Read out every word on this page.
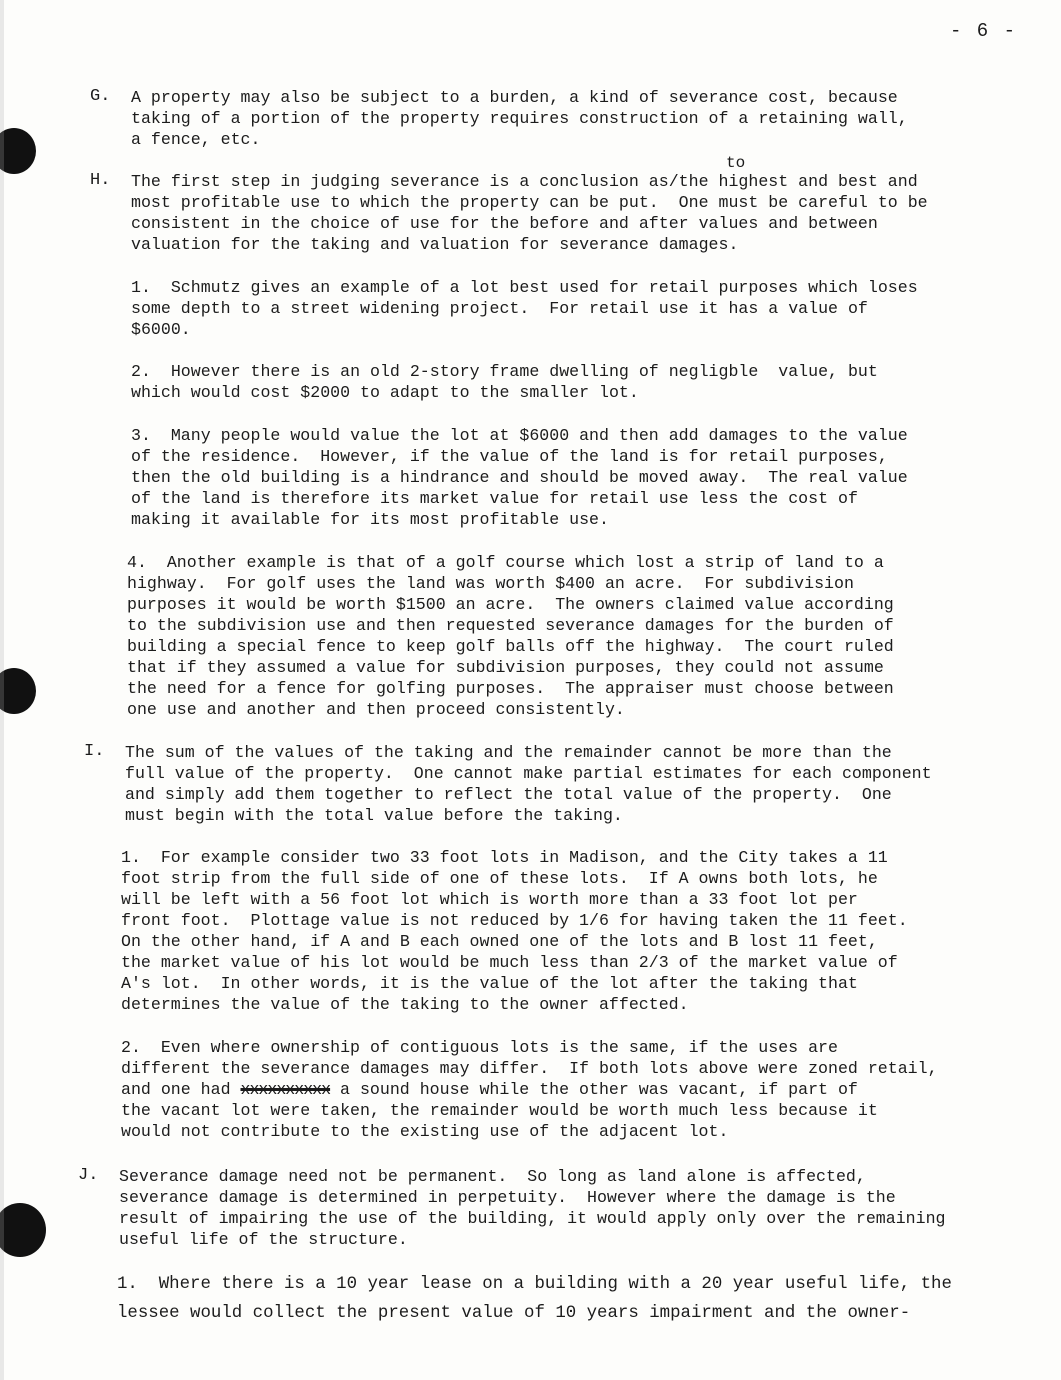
- 6 -
G. A property may also be subject to a burden, a kind of severance cost, because
taking of a portion of the property requires construction of a retaining wall,
a fence, etc.
to
H. The first step in judging severance is a conclusion as/the highest and best and
most profitable use to which the property can be put.  One must be careful to be
consistent in the choice of use for the before and after values and between
valuation for the taking and valuation for severance damages.
1.  Schmutz gives an example of a lot best used for retail purposes which loses
some depth to a street widening project.  For retail use it has a value of
$6000.
2.  However there is an old 2-story frame dwelling of negligble  value, but
which would cost $2000 to adapt to the smaller lot.
3.  Many people would value the lot at $6000 and then add damages to the value
of the residence.  However, if the value of the land is for retail purposes,
then the old building is a hindrance and should be moved away.  The real value
of the land is therefore its market value for retail use less the cost of
making it available for its most profitable use.
4.  Another example is that of a golf course which lost a strip of land to a
highway.  For golf uses the land was worth $400 an acre.  For subdivision
purposes it would be worth $1500 an acre.  The owners claimed value according
to the subdivision use and then requested severance damages for the burden of
building a special fence to keep golf balls off the highway.  The court ruled
that if they assumed a value for subdivision purposes, they could not assume
the need for a fence for golfing purposes.  The appraiser must choose between
one use and another and then proceed consistently.
I. The sum of the values of the taking and the remainder cannot be more than the
full value of the property.  One cannot make partial estimates for each component
and simply add them together to reflect the total value of the property.  One
must begin with the total value before the taking.
1.  For example consider two 33 foot lots in Madison, and the City takes a 11
foot strip from the full side of one of these lots.  If A owns both lots, he
will be left with a 56 foot lot which is worth more than a 33 foot lot per
front foot.  Plottage value is not reduced by 1/6 for having taken the 11 feet.
On the other hand, if A and B each owned one of the lots and B lost 11 feet,
the market value of his lot would be much less than 2/3 of the market value of
A's lot.  In other words, it is the value of the lot after the taking that
determines the value of the taking to the owner affected.
2.  Even where ownership of contiguous lots is the same, if the uses are
different the severance damages may differ.  If both lots above were zoned retail,
and one had xxxxxxxxxx a sound house while the other was vacant, if part of
the vacant lot were taken, the remainder would be worth much less because it
would not contribute to the existing use of the adjacent lot.
J. Severance damage need not be permanent.  So long as land alone is affected,
severance damage is determined in perpetuity.  However where the damage is the
result of impairing the use of the building, it would apply only over the remaining
useful life of the structure.
1.  Where there is a 10 year lease on a building with a 20 year useful life, the
lessee would collect the present value of 10 years impairment and the owner-
